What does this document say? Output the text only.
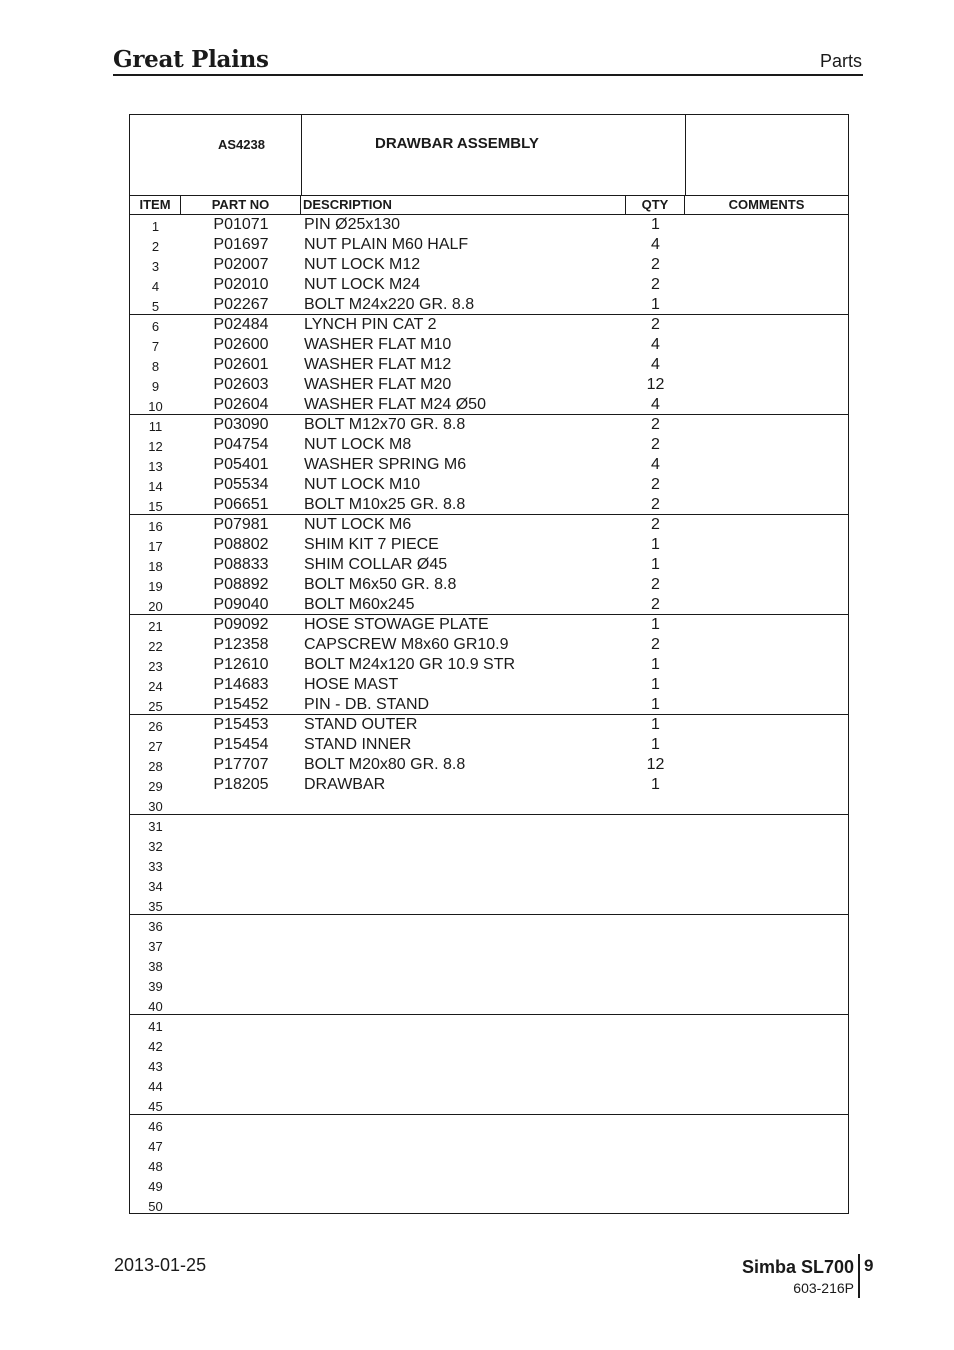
Great Plains	Parts
AS4238	DRAWBAR ASSEMBLY
ITEM	PART NO	DESCRIPTION	QTY	COMMENTS
1	P01071	PIN Ø25x130	1
2	P01697	NUT PLAIN M60 HALF	4
3	P02007	NUT LOCK M12	2
4	P02010	NUT LOCK M24	2
5	P02267	BOLT M24x220 GR. 8.8	1
6	P02484	LYNCH PIN CAT 2	2
7	P02600	WASHER FLAT M10	4
8	P02601	WASHER FLAT M12	4
9	P02603	WASHER FLAT M20	12
10	P02604	WASHER FLAT M24 Ø50	4
11	P03090	BOLT M12x70 GR. 8.8	2
12	P04754	NUT LOCK M8	2
13	P05401	WASHER SPRING M6	4
14	P05534	NUT LOCK M10	2
15	P06651	BOLT M10x25 GR. 8.8	2
16	P07981	NUT LOCK M6	2
17	P08802	SHIM KIT 7 PIECE	1
18	P08833	SHIM COLLAR Ø45	1
19	P08892	BOLT M6x50 GR. 8.8	2
20	P09040	BOLT M60x245	2
21	P09092	HOSE STOWAGE PLATE	1
22	P12358	CAPSCREW M8x60 GR10.9	2
23	P12610	BOLT M24x120 GR 10.9 STR	1
24	P14683	HOSE MAST	1
25	P15452	PIN - DB. STAND	1
26	P15453	STAND OUTER	1
27	P15454	STAND INNER	1
28	P17707	BOLT M20x80 GR. 8.8	12
29	P18205	DRAWBAR	1
30
31
32
33
34
35
36
37
38
39
40
41
42
43
44
45
46
47
48
49
50
2013-01-25	Simba SL700 9
603-216P
